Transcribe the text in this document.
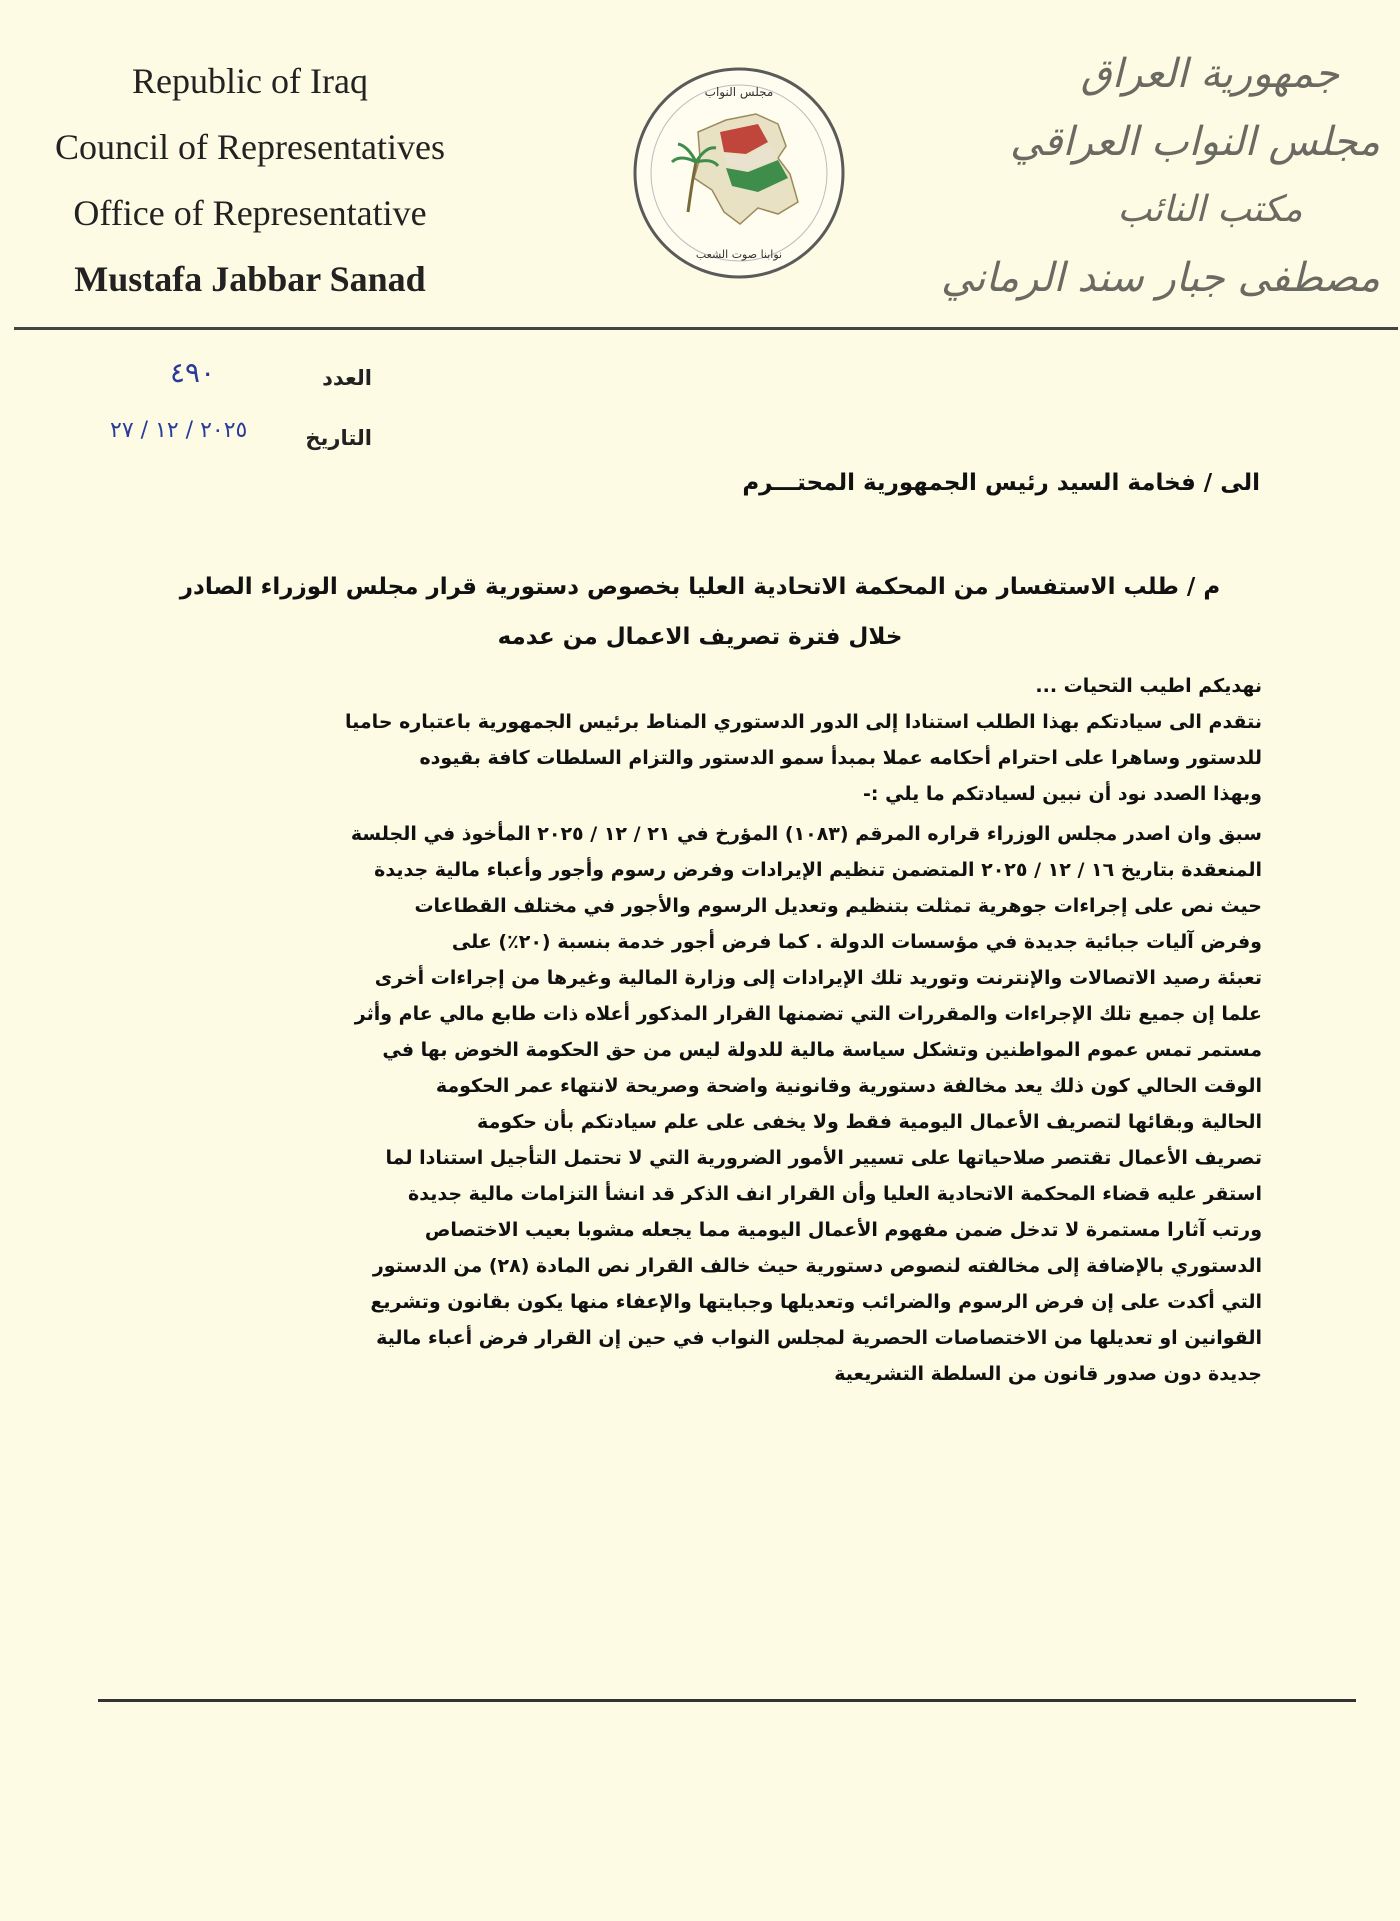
Republic of Iraq
Council of Representatives
Office of Representative
Mustafa Jabbar Sanad
مجلس النواب
نوابنا صوت الشعب
جمهورية العراق
مجلس النواب العراقي
مكتب النائب
مصطفى جبار سند الرماني
العدد
٤٩٠
التاريخ
٢٠٢٥ / ١٢ / ٢٧
الى / فخامة السيد رئيس الجمهورية المحتـــرم
م / طلب الاستفسار من المحكمة الاتحادية العليا بخصوص دستورية قرار مجلس الوزراء الصادر خلال فترة تصريف الاعمال من عدمه
نهديكم اطيب التحيات ...
نتقدم الى سيادتكم بهذا الطلب استنادا إلى الدور الدستوري المناط برئيس الجمهورية باعتباره حاميا
للدستور وساهرا على احترام أحكامه عملا بمبدأ سمو الدستور والتزام السلطات كافة بقيوده
وبهذا الصدد نود أن نبين لسيادتكم ما يلي :-
سبق وان اصدر مجلس الوزراء قراره المرقم (١٠٨٣) المؤرخ في ٢١ / ١٢ / ٢٠٢٥ المأخوذ في الجلسة
المنعقدة بتاريخ ١٦ / ١٢ / ٢٠٢٥ المتضمن تنظيم الإيرادات وفرض رسوم وأجور وأعباء مالية جديدة
حيث نص على إجراءات جوهرية تمثلت بتنظيم وتعديل الرسوم والأجور في مختلف القطاعات
وفرض آليات جبائية جديدة في مؤسسات الدولة . كما فرض أجور خدمة بنسبة (٢٠٪) على
تعبئة رصيد الاتصالات والإنترنت وتوريد تلك الإيرادات إلى وزارة المالية وغيرها من إجراءات أخرى
علما إن جميع تلك الإجراءات والمقررات التي تضمنها القرار المذكور أعلاه ذات طابع مالي عام وأثر
مستمر تمس عموم المواطنين وتشكل سياسة مالية للدولة ليس من حق الحكومة الخوض بها في
الوقت الحالي كون ذلك يعد مخالفة دستورية وقانونية واضحة وصريحة لانتهاء عمر الحكومة
الحالية وبقائها لتصريف الأعمال اليومية فقط ولا يخفى على علم سيادتكم بأن حكومة
تصريف الأعمال تقتصر صلاحياتها على تسيير الأمور الضرورية التي لا تحتمل التأجيل استنادا لما
استقر عليه قضاء المحكمة الاتحادية العليا وأن القرار انف الذكر قد انشأ التزامات مالية جديدة
ورتب آثارا مستمرة لا تدخل ضمن مفهوم الأعمال اليومية مما يجعله مشوبا بعيب الاختصاص
الدستوري بالإضافة إلى مخالفته لنصوص دستورية حيث خالف القرار نص المادة (٢٨) من الدستور
التي أكدت على إن فرض الرسوم والضرائب وتعديلها وجبايتها والإعفاء منها يكون بقانون وتشريع
القوانين او تعديلها من الاختصاصات الحصرية لمجلس النواب في حين إن القرار فرض أعباء مالية
جديدة دون صدور قانون من السلطة التشريعية
